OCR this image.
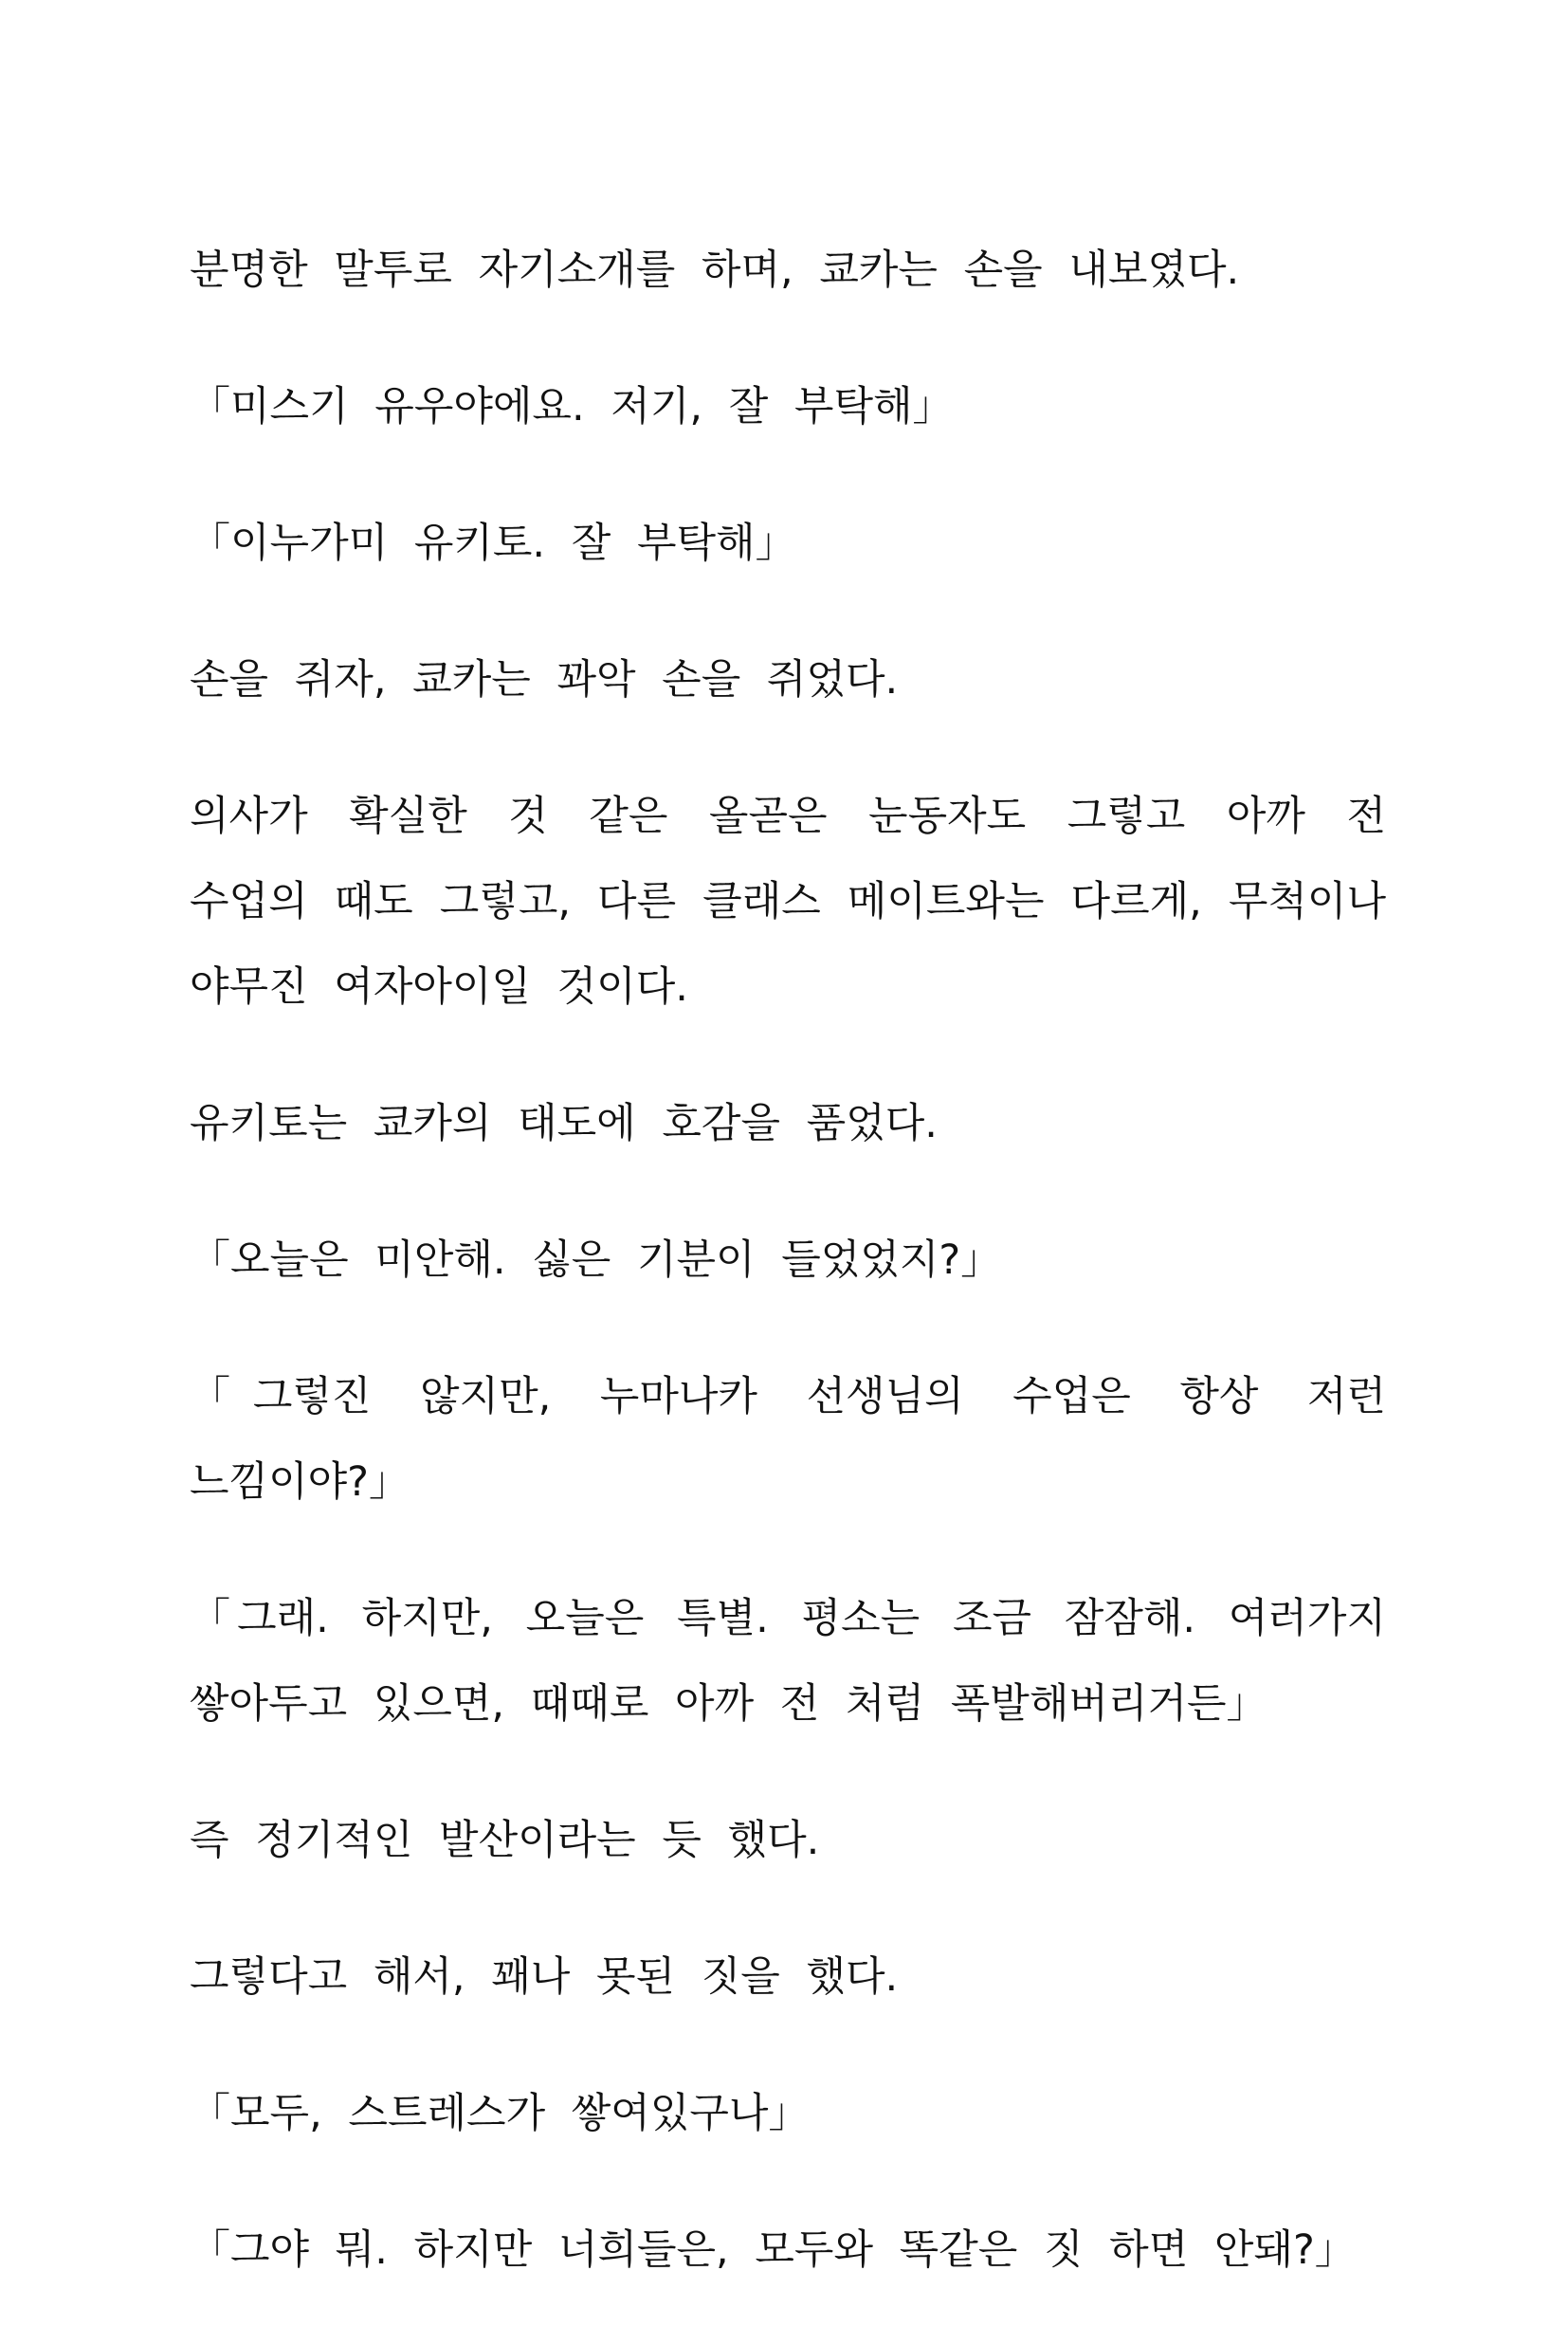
분명한 말투로 자기소개를 하며, 쿄카는 손을 내보였다.

「미스기 유우야에요. 저기, 잘 부탁해」

「이누가미 유키토. 잘 부탁해」

손을 쥐자, 쿄카는 꽈악 손을 쥐었다.

의사가 확실한 것 같은 올곧은 눈동자도 그렇고 아까 전 수업의 때도 그렇고, 다른 클래스 메이트와는 다르게, 무척이나 야무진 여자아이일 것이다.

유키토는 쿄카의 태도에 호감을 품었다.

「오늘은 미안해. 싫은 기분이 들었었지?」

「그렇진 않지만, 누마나카 선생님의 수업은 항상 저런 느낌이야?」

「그래. 하지만, 오늘은 특별. 평소는 조금 잠잠해. 여러가지 쌓아두고 있으면, 때때로 아까 전 처럼 폭발해버리거든」

즉 정기적인 발산이라는 듯 했다.

그렇다고 해서, 꽤나 못된 짓을 했다.

「모두, 스트레스가 쌓여있구나」

「그야 뭐. 하지만 너희들은, 모두와 똑같은 짓 하면 안돼?」
